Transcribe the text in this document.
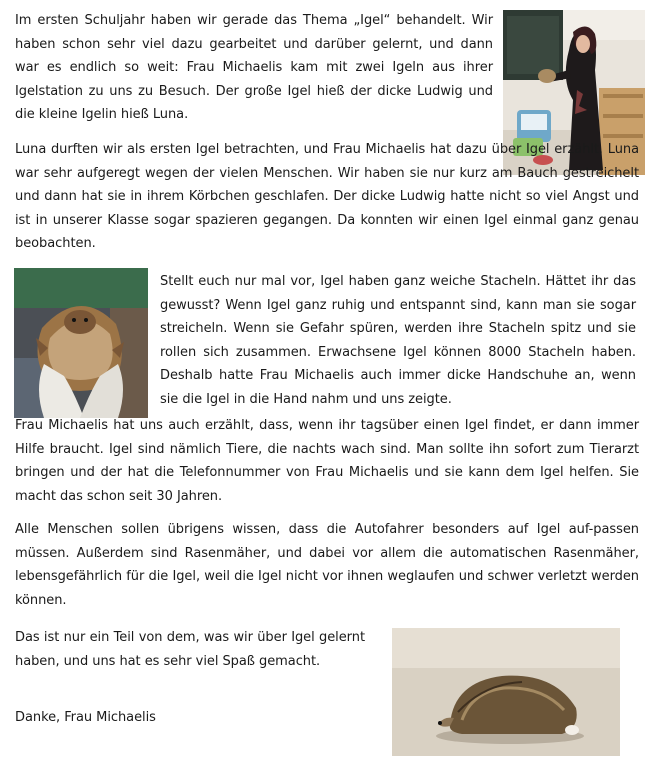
Im ersten Schuljahr haben wir gerade das Thema „Igel“ behandelt. Wir haben schon sehr viel dazu gearbeitet und darüber gelernt, und dann war es endlich so weit: Frau Michaelis kam mit zwei Igeln aus ihrer Igelstation zu uns zu Besuch. Der große Igel hieß der dicke Ludwig und die kleine Igelin hieß Luna.

Luna durften wir als ersten Igel betrachten, und Frau Michaelis hat dazu über Igel erzählt. Luna war sehr aufgeregt wegen der vielen Menschen. Wir haben sie nur kurz am Bauch gestreichelt und dann hat sie in ihrem Körbchen geschlafen. Der dicke Ludwig hatte nicht so viel Angst und ist in unserer Klasse sogar spazieren gegangen. Da konnten wir einen Igel einmal ganz genau beobachten.

Stellt euch nur mal vor, Igel haben ganz weiche Stacheln. Hättet ihr das gewusst? Wenn Igel ganz ruhig und entspannt sind, kann man sie sogar streicheln. Wenn sie Gefahr spüren, werden ihre Stacheln spitz und sie rollen sich zusammen. Erwachsene Igel können 8000 Stacheln haben. Deshalb hatte Frau Michaelis auch immer dicke Handschuhe an, wenn sie die Igel in die Hand nahm und uns zeigte.

Frau Michaelis hat uns auch erzählt, dass, wenn ihr tagsüber einen Igel findet, er dann immer Hilfe braucht. Igel sind nämlich Tiere, die nachts wach sind. Man sollte ihn sofort zum Tierarzt bringen und der hat die Telefonnummer von Frau Michaelis und sie kann dem Igel helfen. Sie macht das schon seit 30 Jahren.

Alle Menschen sollen übrigens wissen, dass die Autofahrer besonders auf Igel auf-passen müssen. Außerdem sind Rasenmäher, und dabei vor allem die automatischen Rasenmäher, lebensgefährlich für die Igel, weil die Igel nicht vor ihnen weglaufen und schwer verletzt werden können.

Das ist nur ein Teil von dem, was wir über Igel gelernt haben, und uns hat es sehr viel Spaß gemacht.

Danke, Frau Michaelis
